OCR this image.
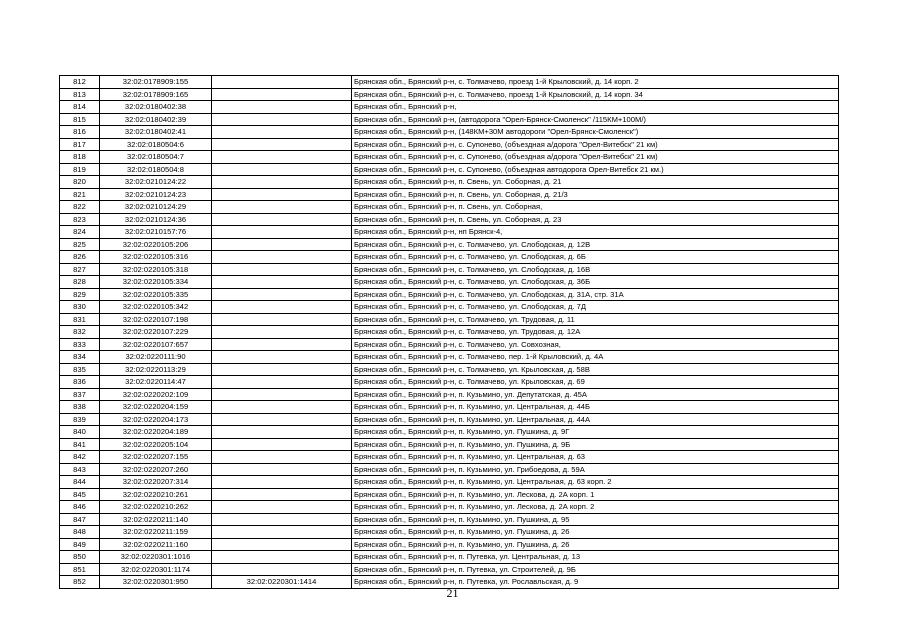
812	32:02:0178909:155		Брянская обл., Брянский р-н, с. Толмачево, проезд 1-й Крыловский, д. 14 корп. 2
813	32:02:0178909:165		Брянская обл., Брянский р-н, с. Толмачево, проезд 1-й Крыловский, д. 14 корп. 34
814	32:02:0180402:38		Брянская обл., Брянский р-н,
815	32:02:0180402:39		Брянская обл., Брянский р-н, (автодорога "Орел-Брянск-Смоленск" /115КМ+100М/)
816	32:02:0180402:41		Брянская обл., Брянский р-н, (148КМ+30М автодороги "Орел-Брянск-Смоленск")
817	32:02:0180504:6		Брянская обл., Брянский р-н, с. Супонево, (объездная а/дорога "Орел-Витебск" 21 км)
818	32:02:0180504:7		Брянская обл., Брянский р-н, с. Супонево, (объездная а/дорога "Орел-Витебск" 21 км)
819	32:02:0180504:8		Брянская обл., Брянский р-н, с. Супонево, (объездная автодорога Орел-Витебск 21 км.)
820	32:02:0210124:22		Брянская обл., Брянский р-н, п. Свень, ул. Соборная, д. 21
821	32:02:0210124:23		Брянская обл., Брянский р-н, п. Свень, ул. Соборная, д. 21/3
822	32:02:0210124:29		Брянская обл., Брянский р-н, п. Свень, ул. Соборная,
823	32:02:0210124:36		Брянская обл., Брянский р-н, п. Свень, ул. Соборная, д. 23
824	32:02:0210157:76		Брянская обл., Брянский р-н, нп Брянск-4,
825	32:02:0220105:206		Брянская обл., Брянский р-н, с. Толмачево, ул. Слободская, д. 12В
826	32:02:0220105:316		Брянская обл., Брянский р-н, с. Толмачево, ул. Слободская, д. 6Б
827	32:02:0220105:318		Брянская обл., Брянский р-н, с. Толмачево, ул. Слободская, д. 16В
828	32:02:0220105:334		Брянская обл., Брянский р-н, с. Толмачево, ул. Слободская, д. 36Б
829	32:02:0220105:335		Брянская обл., Брянский р-н, с. Толмачево, ул. Слободская, д. 31А, стр. 31А
830	32:02:0220105:342		Брянская обл., Брянский р-н, с. Толмачево, ул. Слободская, д. 7Д
831	32:02:0220107:198		Брянская обл., Брянский р-н, с. Толмачево, ул. Трудовая, д. 11
832	32:02:0220107:229		Брянская обл., Брянский р-н, с. Толмачево, ул. Трудовая, д. 12А
833	32:02:0220107:657		Брянская обл., Брянский р-н, с. Толмачево, ул. Совхозная,
834	32:02:0220111:90		Брянская обл., Брянский р-н, с. Толмачево, пер. 1-й Крыловский, д. 4А
835	32:02:0220113:29		Брянская обл., Брянский р-н, с. Толмачево, ул. Крыловская, д. 58В
836	32:02:0220114:47		Брянская обл., Брянский р-н, с. Толмачево, ул. Крыловская, д. 69
837	32:02:0220202:109		Брянская обл., Брянский р-н, п. Кузьмино, ул. Депутатская, д. 45А
838	32:02:0220204:159		Брянская обл., Брянский р-н, п. Кузьмино, ул. Центральная, д. 44Б
839	32:02:0220204:173		Брянская обл., Брянский р-н, п. Кузьмино, ул. Центральная, д. 44А
840	32:02:0220204:189		Брянская обл., Брянский р-н, п. Кузьмино, ул. Пушкина, д. 9Г
841	32:02:0220205:104		Брянская обл., Брянский р-н, п. Кузьмино, ул. Пушкина, д. 9Б
842	32:02:0220207:155		Брянская обл., Брянский р-н, п. Кузьмино, ул. Центральная, д. 63
843	32:02:0220207:260		Брянская обл., Брянский р-н, п. Кузьмино, ул. Грибоедова, д. 59А
844	32:02:0220207:314		Брянская обл., Брянский р-н, п. Кузьмино, ул. Центральная, д. 63 корп. 2
845	32:02:0220210:261		Брянская обл., Брянский р-н, п. Кузьмино, ул. Лескова, д. 2А корп. 1
846	32:02:0220210:262		Брянская обл., Брянский р-н, п. Кузьмино, ул. Лескова, д. 2А корп. 2
847	32:02:0220211:140		Брянская обл., Брянский р-н, п. Кузьмино, ул. Пушкина, д. 95
848	32:02:0220211:159		Брянская обл., Брянский р-н, п. Кузьмино, ул. Пушкина, д. 26
849	32:02:0220211:160		Брянская обл., Брянский р-н, п. Кузьмино, ул. Пушкина, д. 26
850	32:02:0220301:1016		Брянская обл., Брянский р-н, п. Путевка, ул. Центральная, д. 13
851	32:02:0220301:1174		Брянская обл., Брянский р-н, п. Путевка, ул. Строителей, д. 9Б
852	32:02:0220301:950	32:02:0220301:1414	Брянская обл., Брянский р-н, п. Путевка, ул. Рославльская, д. 9
21
